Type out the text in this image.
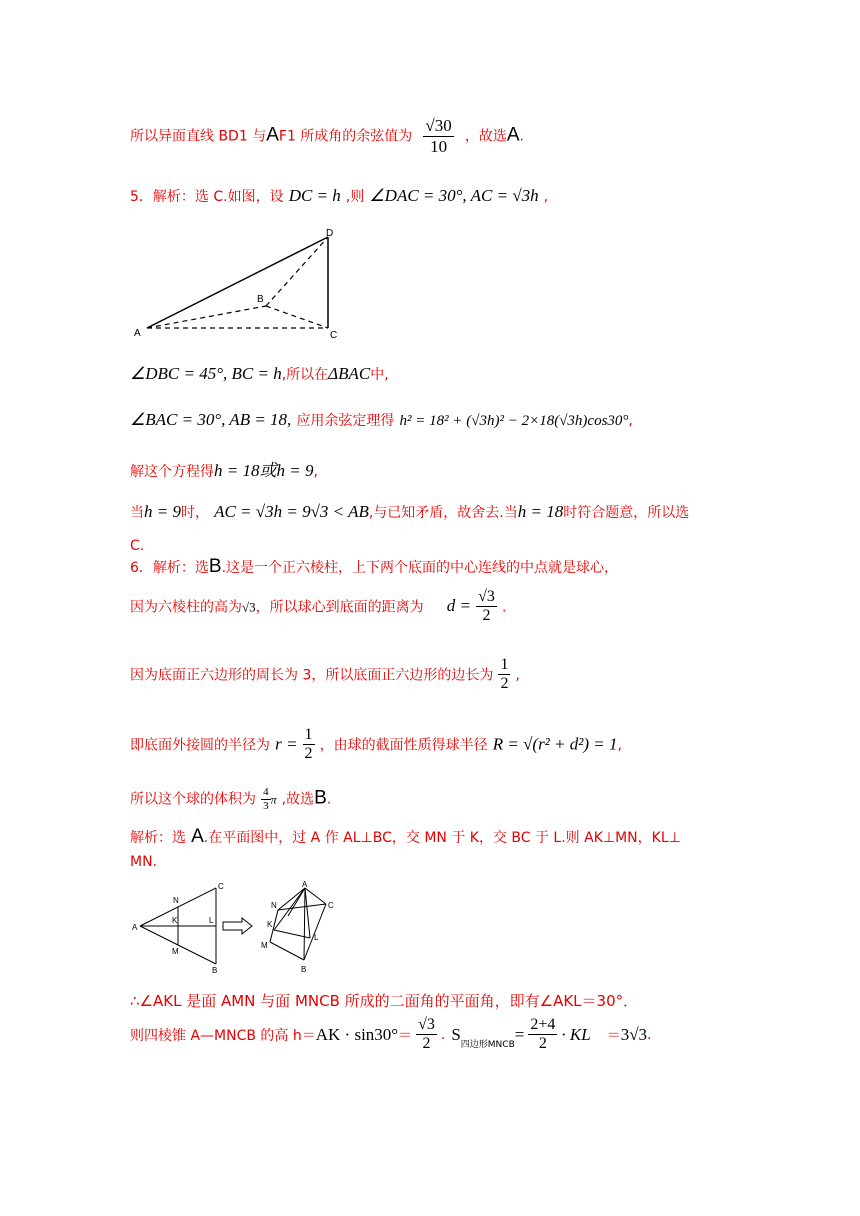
所以异面直线 BD1 与AF1 所成角的余弦值为 $\frac{√30}{10}$ ，故选A.
5．解析：选 C.如图，设 DC = h ,则 ∠DAC = 30°, AC = √3h ,
A
B
C
D
∠DBC = 45°, BC = h,所以在ΔBAC中,
∠BAC = 30°, AB = 18, 应用余弦定理得 h² = 18² + (√3h)² − 2×18(√3h)cos30°,
解这个方程得h = 18或h = 9,
当h = 9时， AC = √3h = 9√3 < AB,与已知矛盾，故舍去.当h = 18时符合题意，所以选
C.
6．解析：选B.这是一个正六棱柱，上下两个底面的中心连线的中点就是球心，
因为六棱柱的高为√3，所以球心到底面的距离为 $d = \frac{√3}{2}$ .
因为底面正六边形的周长为 3，所以底面正六边形的边长为 $\frac{1}{2}$ ,
即底面外接圆的半径为 $r = \frac{1}{2}$ ，由球的截面性质得球半径 R = √(r² + d²) = 1,
所以这个球的体积为 $\frac{4}{3}$ π ,故选B.
解析：选 A.在平面图中，过 A 作 AL⊥BC，交 MN 于 K，交 BC 于 L.则 AK⊥MN，KL⊥
MN.
A
N
K	L
M
C
B
A
N
K
C
L
M
B
∴∠AKL 是面 AMN 与面 MNCB 所成的二面角的平面角，即有∠AKL＝30°．
则四棱锥 A—MNCB 的高 h＝ AK · $\sin 30^\circ = \frac{√3}{2}$ . S
四边形MNCB
= $\frac{2+4}{2}$ · KL ＝ 3√3 .
